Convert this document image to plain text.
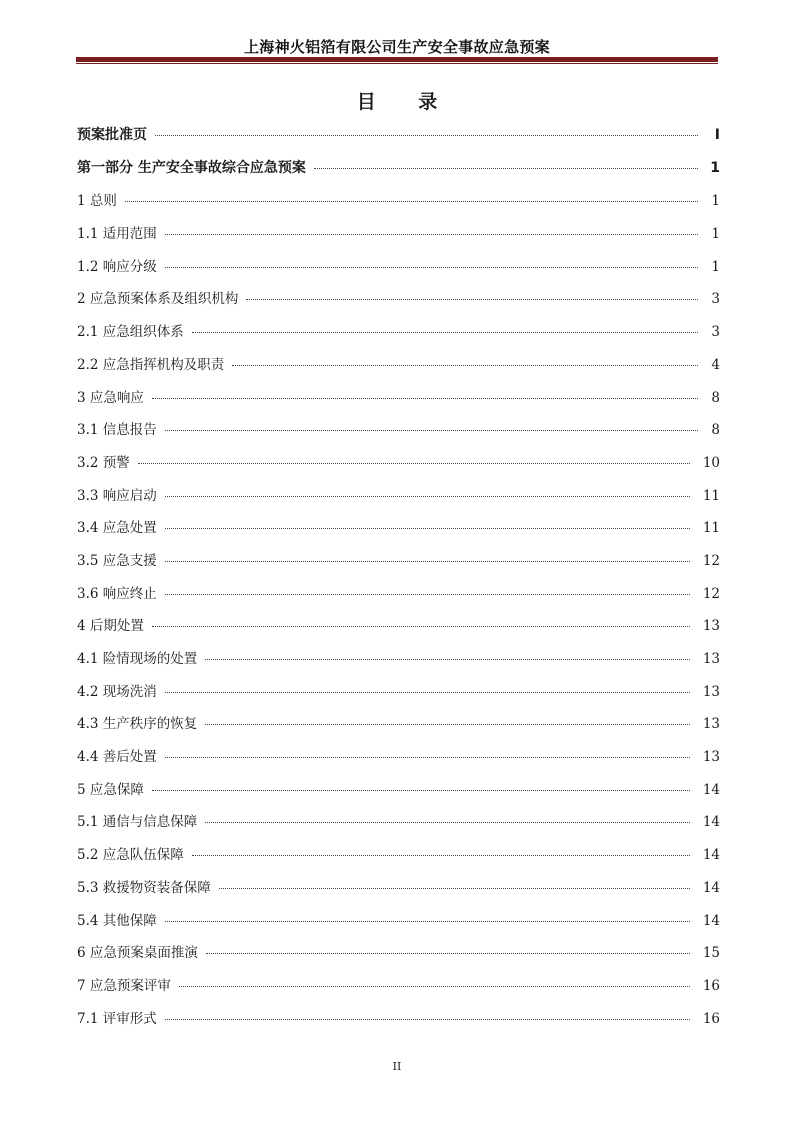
上海神火铝箔有限公司生产安全事故应急预案
目 录
预案批准页	I
第一部分 生产安全事故综合应急预案	1
1 总则	1
1.1 适用范围	1
1.2 响应分级	1
2 应急预案体系及组织机构	3
2.1 应急组织体系	3
2.2 应急指挥机构及职责	4
3 应急响应	8
3.1 信息报告	8
3.2 预警	10
3.3 响应启动	11
3.4 应急处置	11
3.5 应急支援	12
3.6 响应终止	12
4 后期处置	13
4.1 险情现场的处置	13
4.2 现场洗消	13
4.3 生产秩序的恢复	13
4.4 善后处置	13
5 应急保障	14
5.1 通信与信息保障	14
5.2 应急队伍保障	14
5.3 救援物资装备保障	14
5.4 其他保障	14
6 应急预案桌面推演	15
7 应急预案评审	16
7.1 评审形式	16
II
